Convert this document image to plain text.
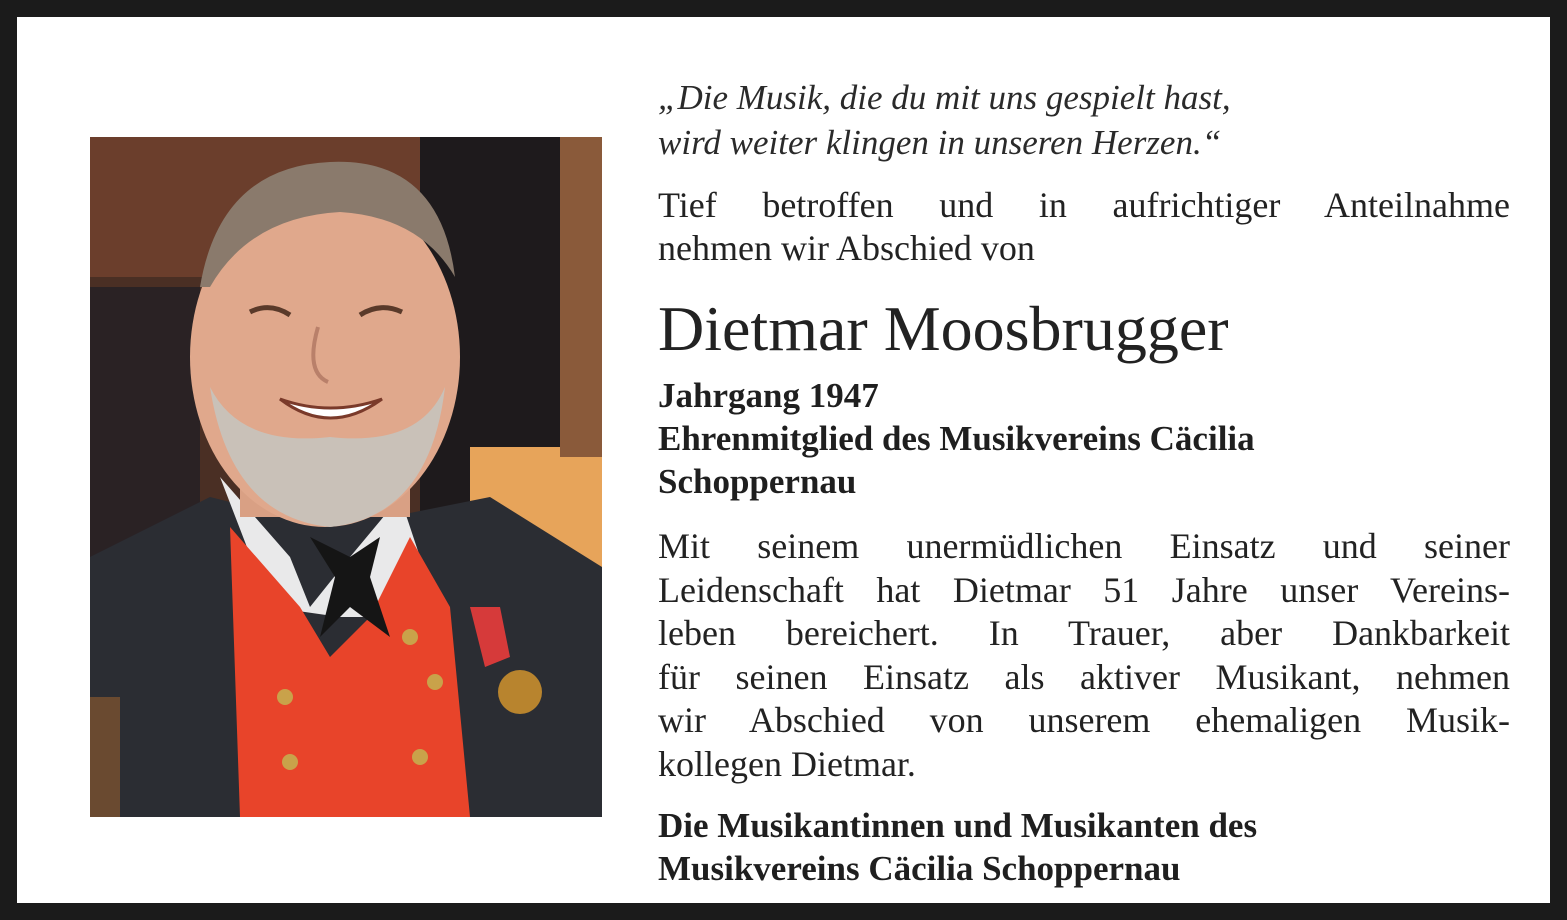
„Die Musik, die du mit uns gespielt hast,
wird weiter klingen in unseren Herzen.“
Tief betroffen und in aufrichtiger Anteilnahme
nehmen wir Abschied von
Dietmar Moosbrugger
Jahrgang 1947
Ehrenmitglied des Musikvereins Cäcilia
Schoppernau
Mit seinem unermüdlichen Einsatz und seiner
Leidenschaft hat Dietmar 51 Jahre unser Vereins-
leben bereichert. In Trauer, aber Dankbarkeit
für seinen Einsatz als aktiver Musikant, nehmen
wir Abschied von unserem ehemaligen Musik-
kollegen Dietmar.
Die Musikantinnen und Musikanten des
Musikvereins Cäcilia Schoppernau
